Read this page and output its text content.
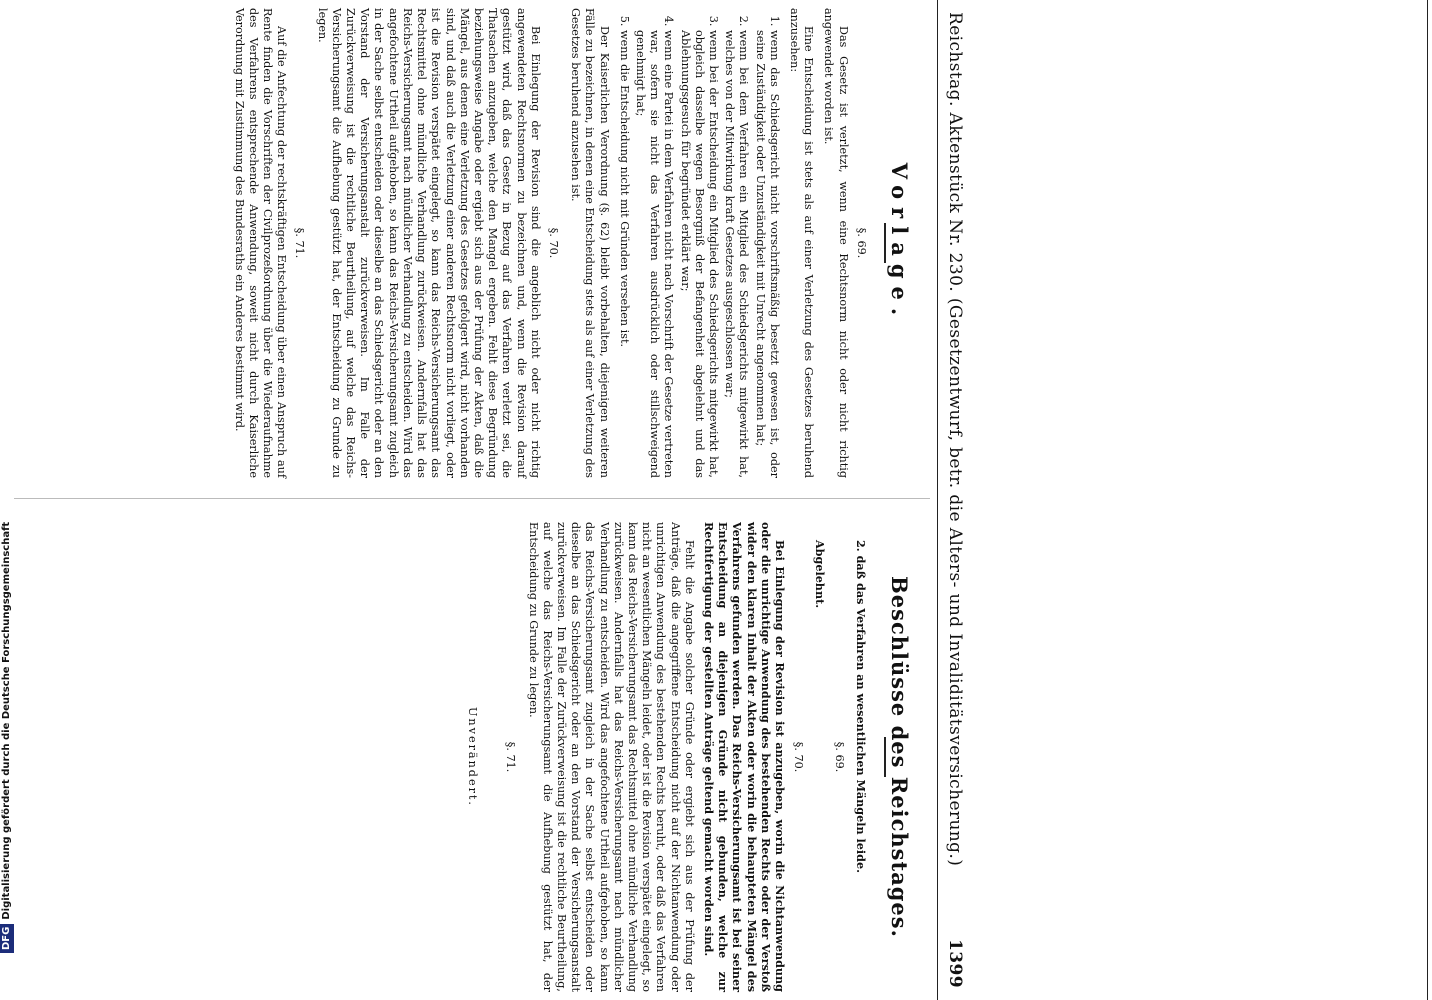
Reichstag. Aktenstück Nr. 230. (Gesetzentwurf, betr. die Alters- und Invaliditätsversicherung.)
1399
Vorlage.
§. 69.

Das Gesetz ist verletzt, wenn eine Rechtsnorm nicht oder nicht richtig angewendet worden ist.

Eine Entscheidung ist stets als auf einer Verletzung des Gesetzes beruhend anzusehen:

1. wenn das Schiedsgericht nicht vorschriftsmäßig besetzt gewesen ist, oder seine Zuständigkeit oder Unzuständigkeit mit Unrecht angenommen hat;
2. wenn bei dem Verfahren ein Mitglied des Schiedsgerichts mitgewirkt hat, welches von der Mitwirkung kraft Gesetzes ausgeschlossen war;
3. wenn bei der Entscheidung ein Mitglied des Schiedsgerichts mitgewirkt hat, obgleich dasselbe wegen Besorgniß der Befangenheit abgelehnt und das Ablehnungsgesuch für begründet erklärt war;
4. wenn eine Partei in dem Verfahren nicht nach Vorschrift der Gesetze vertreten war, sofern sie nicht das Verfahren ausdrücklich oder stillschweigend genehmigt hat;
5. wenn die Entscheidung nicht mit Gründen versehen ist.

Der Kaiserlichen Verordnung (§. 62) bleibt vorbehalten, diejenigen weiteren Fälle zu bezeichnen, in denen eine Entscheidung stets als auf einer Verletzung des Gesetzes beruhend anzusehen ist.

§. 70.

Bei Einlegung der Revision sind die angeblich nicht oder nicht richtig angewendeten Rechtsnormen zu bezeichnen und, wenn die Revision darauf gestützt wird, daß das Gesetz in Bezug auf das Verfahren verletzt sei, die Thatsachen anzugeben, welche den Mangel ergeben. Fehlt diese Begründung beziehungsweise Angabe oder ergiebt sich aus der Prüfung der Akten, daß die Mängel, aus denen eine Verletzung des Gesetzes gefolgert wird, nicht vorhanden sind, und daß auch die Verletzung einer anderen Rechtsnorm nicht vorliegt, oder ist die Revision verspätet eingelegt, so kann das Reichs-Versicherungsamt das Rechtsmittel ohne mündliche Verhandlung zurückweisen. Andernfalls hat das Reichs-Versicherungsamt nach mündlicher Verhandlung zu entscheiden. Wird das angefochtene Urtheil aufgehoben, so kann das Reichs-Versicherungsamt zugleich in der Sache selbst entscheiden oder dieselbe an das Schiedsgericht oder an den Vorstand der Versicherungsanstalt zurückverweisen. Im Falle der Zurückverweisung ist die rechtliche Beurtheilung, auf welche das Reichs-Versicherungsamt die Aufhebung gestützt hat, der Entscheidung zu Grunde zu legen.

§. 71.

Auf die Anfechtung der rechtskräftigen Entscheidung über einen Anspruch auf Rente finden die Vorschriften der Civilprozeßordnung über die Wiederaufnahme des Verfahrens entsprechende Anwendung, soweit nicht durch Kaiserliche Verordnung mit Zustimmung des Bundesraths ein Anderes bestimmt wird.

Beschlüsse des Reichstages.

2. daß das Verfahren an wesentlichen Mängeln leide.

§. 69.

Abgelehnt.

§. 70.

Bei Einlegung der Revision ist anzugeben, worin die Nichtanwendung oder die unrichtige Anwendung des bestehenden Rechts oder der Verstoß wider den klaren Inhalt der Akten oder worin die behaupteten Mängel des Verfahrens gefunden werden. Das Reichs-Versicherungsamt ist bei seiner Entscheidung an diejenigen Gründe nicht gebunden, welche zur Rechtfertigung der gestellten Anträge geltend gemacht worden sind.

Fehlt die Angabe solcher Gründe oder ergiebt sich aus der Prüfung der Anträge, daß die angegriffene Entscheidung nicht auf der Nichtanwendung oder unrichtigen Anwendung des bestehenden Rechts beruht, oder daß das Verfahren nicht an wesentlichen Mängeln leidet, oder ist die Revision verspätet eingelegt, so kann das Reichs-Versicherungsamt das Rechtsmittel ohne mündliche Verhandlung zurückweisen. Andernfalls hat das Reichs-Versicherungsamt nach mündlicher Verhandlung zu entscheiden. Wird das angefochtene Urtheil aufgehoben, so kann das Reichs-Versicherungsamt zugleich in der Sache selbst entscheiden oder dieselbe an das Schiedsgericht oder an den Vorstand der Versicherungsanstalt zurückverweisen. Im Falle der Zurückverweisung ist die rechtliche Beurtheilung, auf welche das Reichs-Versicherungsamt die Aufhebung gestützt hat, der Entscheidung zu Grunde zu legen.

§. 71.
Unverändert.
DFGDigitalisierung gefördert durch die Deutsche Forschungsgemeinschaft
